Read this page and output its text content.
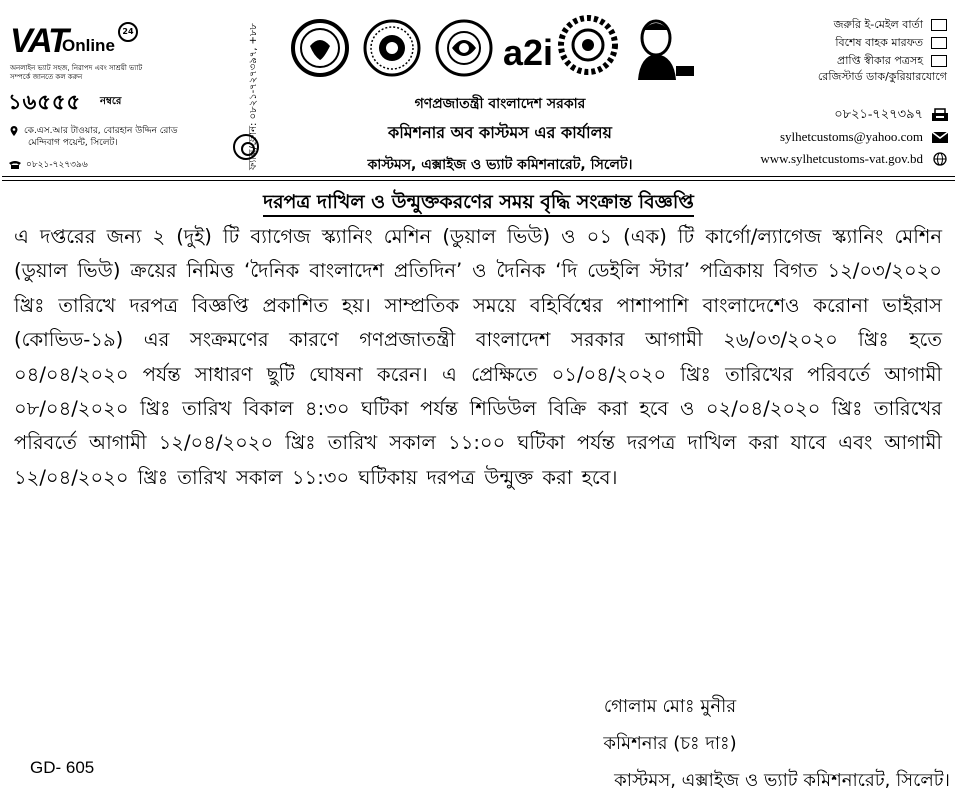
VAT
Online
24
অনলাইন ভ্যাট সহজ, নিরাপদ এবং সাশ্রয়ী ভ্যাট সম্পর্কে জানতে কল করুন
১৬৫৫৫ নম্বরে
কে.এস.আর টাওয়ার, বোরহান উদ্দিন রোড
মেন্দিবাগ পয়েন্ট, সিলেট।
০৮২১-৭২৭৩৯৬	ফ্যাক্স/ফোন: ০৮২১-৭২৭৩৯৭, +৮৮	a2i
গণপ্রজাতন্ত্রী বাংলাদেশ সরকার
কমিশনার অব কাস্টমস এর কার্যালয়
কাস্টমস, এক্সাইজ ও ভ্যাট কমিশনারেট, সিলেট।
জরুরি ই-মেইল বার্তা
বিশেষ বাহক মারফত
প্রাপ্তি স্বীকার পত্রসহ
রেজিস্টার্ড ডাক/কুরিয়ারযোগে
০৮২১-৭২৭৩৯৭
sylhetcustoms@yahoo.com
www.sylhetcustoms-vat.gov.bd
দরপত্র দাখিল ও উন্মুক্তকরণের সময় বৃদ্ধি সংক্রান্ত বিজ্ঞপ্তি
এ দপ্তরের জন্য ২ (দুই) টি ব্যাগেজ স্ক্যানিং মেশিন (ডুয়াল ভিউ) ও ০১ (এক) টি কার্গো/ল্যাগেজ স্ক্যানিং মেশিন (ডুয়াল ভিউ) ক্রয়ের নিমিত্ত ‘দৈনিক বাংলাদেশ প্রতিদিন’ ও দৈনিক ‘দি ডেইলি স্টার’ পত্রিকায় বিগত ১২/০৩/২০২০ খ্রিঃ তারিখে দরপত্র বিজ্ঞপ্তি প্রকাশিত হয়। সাম্প্রতিক সময়ে বহির্বিশ্বের পাশাপাশি বাংলাদেশেও করোনা ভাইরাস (কোভিড-১৯) এর সংক্রমণের কারণে গণপ্রজাতন্ত্রী বাংলাদেশ সরকার আগামী ২৬/০৩/২০২০ খ্রিঃ হতে ০৪/০৪/২০২০ পর্যন্ত সাধারণ ছুটি ঘোষনা করেন। এ প্রেক্ষিতে ০১/০৪/২০২০ খ্রিঃ তারিখের পরিবর্তে আগামী ০৮/০৪/২০২০ খ্রিঃ তারিখ বিকাল ৪:৩০ ঘটিকা পর্যন্ত শিডিউল বিক্রি করা হবে ও ০২/০৪/২০২০ খ্রিঃ তারিখের পরিবর্তে আগামী ১২/০৪/২০২০ খ্রিঃ তারিখ সকাল ১১:০০ ঘটিকা পর্যন্ত দরপত্র দাখিল করা যাবে এবং আগামী ১২/০৪/২০২০ খ্রিঃ তারিখ সকাল ১১:৩০ ঘটিকায় দরপত্র উন্মুক্ত করা হবে।
গোলাম মোঃ মুনীর
কমিশনার (চঃ দাঃ)
কাস্টমস, এক্সাইজ ও ভ্যাট কমিশনারেট, সিলেট।
GD- 605
